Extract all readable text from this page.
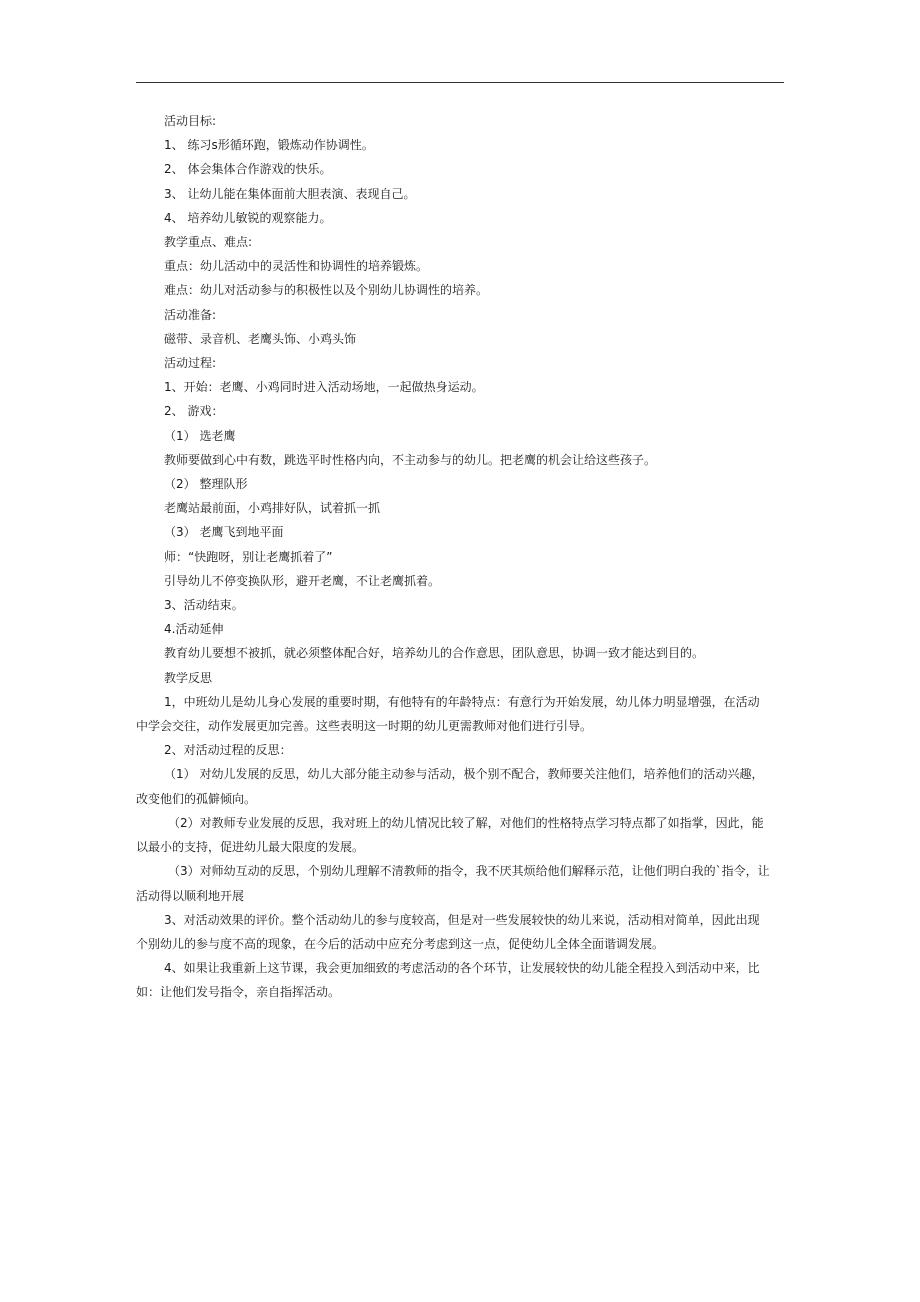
活动目标:
1、 练习s形循环跑，锻炼动作协调性。
2、 体会集体合作游戏的快乐。
3、 让幼儿能在集体面前大胆表演、表现自己。
4、 培养幼儿敏锐的观察能力。
教学重点、难点:
重点：幼儿活动中的灵活性和协调性的培养锻炼。
难点：幼儿对活动参与的积极性以及个别幼儿协调性的培养。
活动准备:
磁带、录音机、老鹰头饰、小鸡头饰
活动过程:
1、开始：老鹰、小鸡同时进入活动场地，一起做热身运动。
2、 游戏：
（1） 选老鹰
教师要做到心中有数，跳选平时性格内向，不主动参与的幼儿。把老鹰的机会让给这些孩子。
（2） 整理队形
老鹰站最前面，小鸡排好队，试着抓一抓
（3） 老鹰飞到地平面
师：“快跑呀，别让老鹰抓着了”
引导幼儿不停变换队形，避开老鹰，不让老鹰抓着。
3、活动结束。
4.活动延伸
教育幼儿要想不被抓，就必须整体配合好，培养幼儿的合作意思，团队意思，协调一致才能达到目的。
教学反思
1，中班幼儿是幼儿身心发展的重要时期，有他特有的年龄特点：有意行为开始发展，幼儿体力明显增强，在活动
中学会交往，动作发展更加完善。这些表明这一时期的幼儿更需教师对他们进行引导。
2、对活动过程的反思：
（1） 对幼儿发展的反思，幼儿大部分能主动参与活动，极个别不配合，教师要关注他们，培养他们的活动兴趣，
改变他们的孤僻倾向。
（2）对教师专业发展的反思，我对班上的幼儿情况比较了解，对他们的性格特点学习特点都了如指掌，因此，能
以最小的支持，促进幼儿最大限度的发展。
（3）对师幼互动的反思，个别幼儿理解不清教师的指令，我不厌其烦给他们解释示范，让他们明白我的`指令，让
活动得以顺利地开展
3、对活动效果的评价。整个活动幼儿的参与度较高，但是对一些发展较快的幼儿来说，活动相对简单，因此出现
个别幼儿的参与度不高的现象，在今后的活动中应充分考虑到这一点，促使幼儿全体全面谐调发展。
4、如果让我重新上这节课，我会更加细致的考虑活动的各个环节，让发展较快的幼儿能全程投入到活动中来，比
如：让他们发号指令，亲自指挥活动。
